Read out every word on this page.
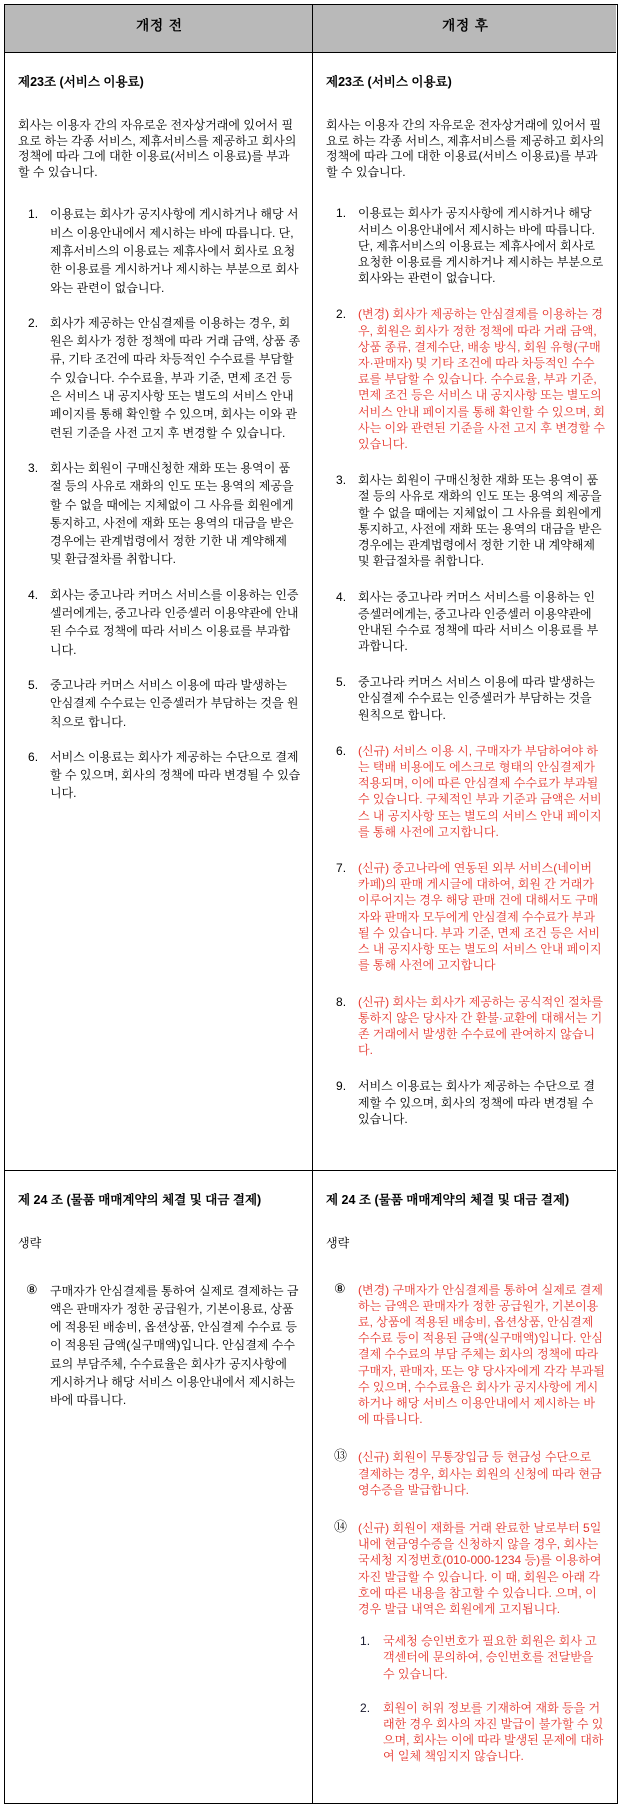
개정 전	개정 후

제23조 (서비스 이용료)

회사는 이용자 간의 자유로운 전자상거래에 있어서 필요로 하는 각종 서비스, 제휴서비스를 제공하고 회사의 정책에 따라 그에 대한 이용료(서비스 이용료)를 부과할 수 있습니다.

이용료는 회사가 공지사항에 게시하거나 해당 서비스 이용안내에서 제시하는 바에 따릅니다. 단, 제휴서비스의 이용료는 제휴사에서 회사로 요청한 이용료를 게시하거나 제시하는 부분으로 회사와는 관련이 없습니다.
회사가 제공하는 안심결제를 이용하는 경우, 회원은 회사가 정한 정책에 따라 거래 금액, 상품 종류, 기타 조건에 따라 차등적인 수수료를 부담할 수 있습니다. 수수료율, 부과 기준, 면제 조건 등은 서비스 내 공지사항 또는 별도의 서비스 안내 페이지를 통해 확인할 수 있으며, 회사는 이와 관련된 기준을 사전 고지 후 변경할 수 있습니다.
회사는 회원이 구매신청한 재화 또는 용역이 품절 등의 사유로 재화의 인도 또는 용역의 제공을 할 수 없을 때에는 지체없이 그 사유를 회원에게 통지하고, 사전에 재화 또는 용역의 대금을 받은 경우에는 관계법령에서 정한 기한 내 계약해제 및 환급절차를 취합니다.
회사는 중고나라 커머스 서비스를 이용하는 인증셀러에게는, 중고나라 인증셀러 이용약관에 안내된 수수료 정책에 따라 서비스 이용료를 부과합니다.
중고나라 커머스 서비스 이용에 따라 발생하는 안심결제 수수료는 인증셀러가 부담하는 것을 원칙으로 합니다.
서비스 이용료는 회사가 제공하는 수단으로 결제할 수 있으며, 회사의 정책에 따라 변경될 수 있습니다.

제23조 (서비스 이용료)

회사는 이용자 간의 자유로운 전자상거래에 있어서 필요로 하는 각종 서비스, 제휴서비스를 제공하고 회사의 정책에 따라 그에 대한 이용료(서비스 이용료)를 부과할 수 있습니다.

이용료는 회사가 공지사항에 게시하거나 해당 서비스 이용안내에서 제시하는 바에 따릅니다. 단, 제휴서비스의 이용료는 제휴사에서 회사로 요청한 이용료를 게시하거나 제시하는 부분으로 회사와는 관련이 없습니다.
(변경) 회사가 제공하는 안심결제를 이용하는 경우, 회원은 회사가 정한 정책에 따라 거래 금액, 상품 종류, 결제수단, 배송 방식, 회원 유형(구매자·판매자) 및 기타 조건에 따라 차등적인 수수료를 부담할 수 있습니다. 수수료율, 부과 기준, 면제 조건 등은 서비스 내 공지사항 또는 별도의 서비스 안내 페이지를 통해 확인할 수 있으며, 회사는 이와 관련된 기준을 사전 고지 후 변경할 수 있습니다.
회사는 회원이 구매신청한 재화 또는 용역이 품절 등의 사유로 재화의 인도 또는 용역의 제공을 할 수 없을 때에는 지체없이 그 사유를 회원에게 통지하고, 사전에 재화 또는 용역의 대금을 받은 경우에는 관계법령에서 정한 기한 내 계약해제 및 환급절차를 취합니다.
회사는 중고나라 커머스 서비스를 이용하는 인증셀러에게는, 중고나라 인증셀러 이용약관에 안내된 수수료 정책에 따라 서비스 이용료를 부과합니다.
중고나라 커머스 서비스 이용에 따라 발생하는 안심결제 수수료는 인증셀러가 부담하는 것을 원칙으로 합니다.
(신규) 서비스 이용 시, 구매자가 부담하여야 하는 택배 비용에도 에스크로 형태의 안심결제가 적용되며, 이에 따른 안심결제 수수료가 부과될 수 있습니다. 구체적인 부과 기준과 금액은 서비스 내 공지사항 또는 별도의 서비스 안내 페이지를 통해 사전에 고지합니다.
(신규) 중고나라에 연동된 외부 서비스(네이버 카페)의 판매 게시글에 대하여, 회원 간 거래가 이루어지는 경우 해당 판매 건에 대해서도 구매자와 판매자 모두에게 안심결제 수수료가 부과될 수 있습니다. 부과 기준, 면제 조건 등은 서비스 내 공지사항 또는 별도의 서비스 안내 페이지를 통해 사전에 고지합니다
(신규) 회사는 회사가 제공하는 공식적인 절차를 통하지 않은 당사자 간 환불·교환에 대해서는 기존 거래에서 발생한 수수료에 관여하지 않습니다.
서비스 이용료는 회사가 제공하는 수단으로 결제할 수 있으며, 회사의 정책에 따라 변경될 수 있습니다.

제 24 조 (물품 매매계약의 체결 및 대금 결제)

생략

⑧ 구매자가 안심결제를 통하여 실제로 결제하는 금액은 판매자가 정한 공급원가, 기본이용료, 상품에 적용된 배송비, 옵션상품, 안심결제 수수료 등이 적용된 금액(실구매액)입니다. 안심결제 수수료의 부담주체, 수수료율은 회사가 공지사항에 게시하거나 해당 서비스 이용안내에서 제시하는 바에 따릅니다.

제 24 조 (물품 매매계약의 체결 및 대금 결제)

생략

⑧ (변경) 구매자가 안심결제를 통하여 실제로 결제하는 금액은 판매자가 정한 공급원가, 기본이용료, 상품에 적용된 배송비, 옵션상품, 안심결제 수수료 등이 적용된 금액(실구매액)입니다. 안심결제 수수료의 부담 주체는 회사의 정책에 따라 구매자, 판매자, 또는 양 당사자에게 각각 부과될 수 있으며, 수수료율은 회사가 공지사항에 게시하거나 해당 서비스 이용안내에서 제시하는 바에 따릅니다.
⑬ (신규) 회원이 무통장입금 등 현금성 수단으로 결제하는 경우, 회사는 회원의 신청에 따라 현금영수증을 발급합니다.
⑭ (신규) 회원이 재화를 거래 완료한 날로부터 5일 내에 현금영수증을 신청하지 않을 경우, 회사는 국세청 지정번호(010-000-1234 등)를 이용하여 자진 발급할 수 있습니다. 이 때, 회원은 아래 각 호에 따른 내용을 참고할 수 있습니다. 으며, 이 경우 발급 내역은 회원에게 고지됩니다.
국세청 승인번호가 필요한 회원은 회사 고객센터에 문의하여, 승인번호를 전달받을 수 있습니다.
회원이 허위 정보를 기재하여 재화 등을 거래한 경우 회사의 자진 발급이 불가할 수 있으며, 회사는 이에 따라 발생된 문제에 대하여 일체 책임지지 않습니다.
